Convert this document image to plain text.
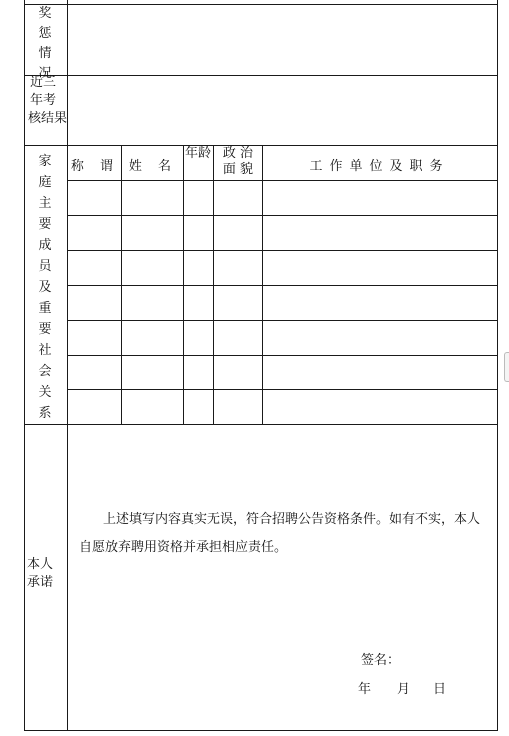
奖惩情况
近年
三考
核结果
家庭主要成员及重要社会关系
本人承诺
称 谓 姓 名
年龄 政 治 面 貌	工作单位及职务
上述填写内容真实无误，符合招聘公告资格条件。如有不实，本人自愿放弃聘用资格并承担相应责任。
签名：
年 月 日
